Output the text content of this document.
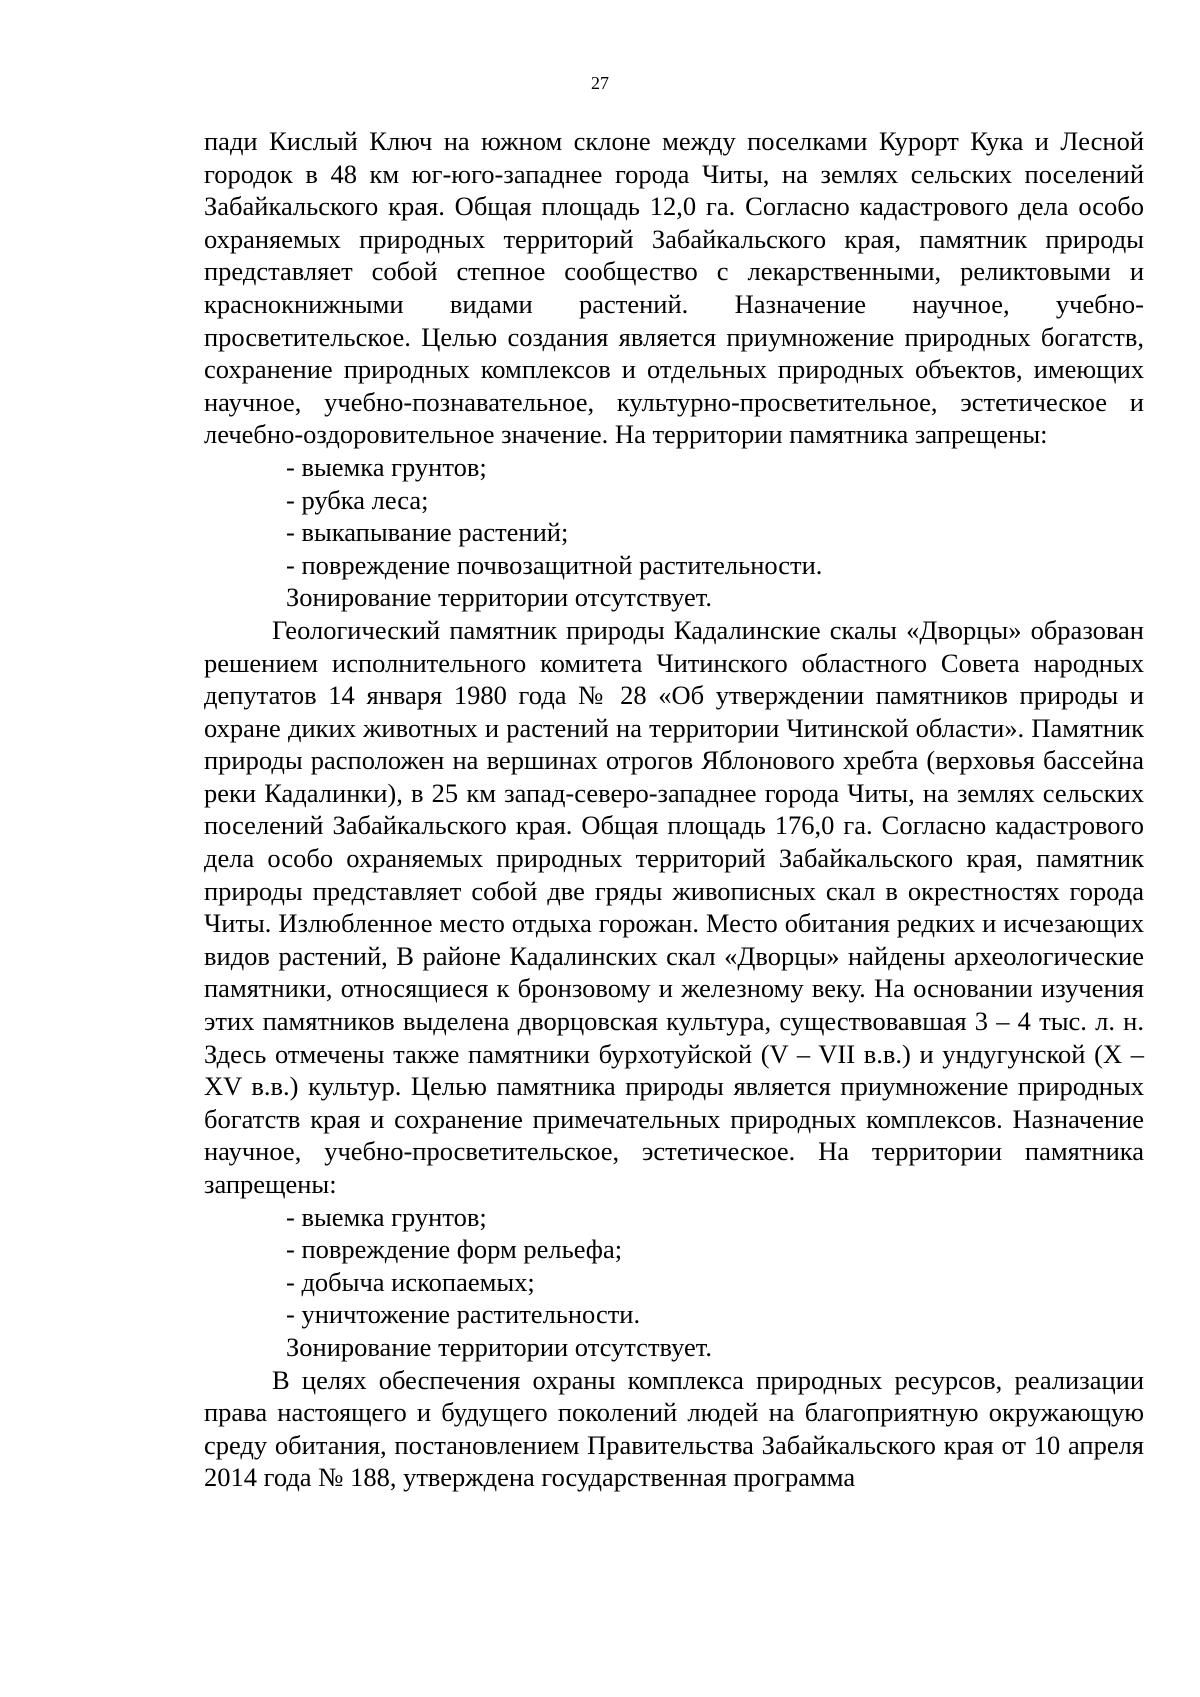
27

пади Кислый Ключ на южном склоне между поселками Курорт Кука и Лесной городок в 48 км юг-юго-западнее города Читы, на землях сельских поселений Забайкальского края. Общая площадь 12,0 га. Согласно кадастрового дела особо охраняемых природных территорий Забайкальского края, памятник природы представляет собой степное сообщество с лекарственными, реликтовыми и краснокнижными видами растений. Назначение научное, учебно-просветительское. Целью создания является приумножение природных богатств, сохранение природных комплексов и отдельных природных объектов, имеющих научное, учебно-познавательное, культурно-просветительное, эстетическое и лечебно-оздоровительное значение. На территории памятника запрещены:

- выемка грунтов;
- рубка леса;
- выкапывание растений;
- повреждение почвозащитной растительности.

Зонирование территории отсутствует.

Геологический памятник природы Кадалинские скалы «Дворцы» образован решением исполнительного комитета Читинского областного Совета народных депутатов 14 января 1980 года № 28 «Об утверждении памятников природы и охране диких животных и растений на территории Читинской области». Памятник природы расположен на вершинах отрогов Яблонового хребта (верховья бассейна реки Кадалинки), в 25 км запад-северо-западнее города Читы, на землях сельских поселений Забайкальского края. Общая площадь 176,0 га. Согласно кадастрового дела особо охраняемых природных территорий Забайкальского края, памятник природы представляет собой две гряды живописных скал в окрестностях города Читы. Излюбленное место отдыха горожан. Место обитания редких и исчезающих видов растений, В районе Кадалинских скал «Дворцы» найдены археологические памятники, относящиеся к бронзовому и железному веку. На основании изучения этих памятников выделена дворцовская культура, существовавшая 3 – 4 тыс. л. н. Здесь отмечены также памятники бурхотуйской (V – VII в.в.) и ундугунской (X – XV в.в.) культур. Целью памятника природы является приумножение природных богатств края и сохранение примечательных природных комплексов. Назначение научное, учебно-просветительское, эстетическое. На территории памятника запрещены:

- выемка грунтов;
- повреждение форм рельефа;
- добыча ископаемых;
- уничтожение растительности.

Зонирование территории отсутствует.

В целях обеспечения охраны комплекса природных ресурсов, реализации права настоящего и будущего поколений людей на благоприятную окружающую среду обитания, постановлением Правительства Забайкальского края от 10 апреля 2014 года № 188, утверждена государственная программа
